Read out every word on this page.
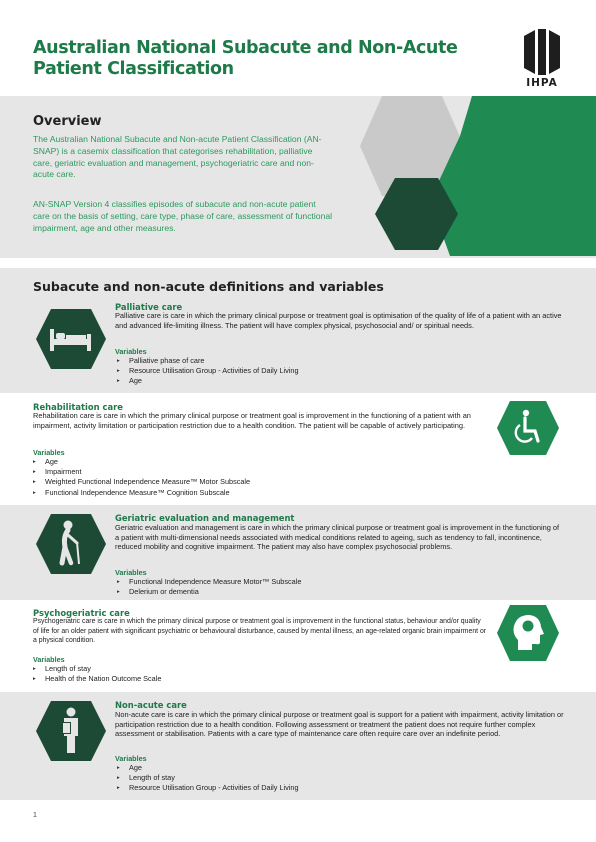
Australian National Subacute and Non-Acute Patient Classification
IHPA
Overview
The Australian National Subacute and Non-acute Patient Classification (AN-SNAP) is a casemix classification that categorises rehabilitation, palliative care, geriatric evaluation and management, psychogeriatric care and non-acute care.
AN-SNAP Version 4 classifies episodes of subacute and non-acute patient care on the basis of setting, care type, phase of care, assessment of functional impairment, age and other measures.
Subacute and non-acute definitions and variables
Palliative care
Palliative care is care in which the primary clinical purpose or treatment goal is optimisation of the quality of life of a patient with an active and advanced life-limiting illness. The patient will have complex physical, psychosocial and/ or spiritual needs.
Variables
▸ Palliative phase of care
▸ Resource Utilisation Group - Activities of Daily Living
▸ Age
Rehabilitation care
Rehabilitation care is care in which the primary clinical purpose or treatment goal is improvement in the functioning of a patient with an impairment, activity limitation or participation restriction due to a health condition. The patient will be capable of actively participating.
Variables
▸ Age
▸ Impairment
▸ Weighted Functional Independence Measure™ Motor Subscale
▸ Functional Independence Measure™ Cognition Subscale
Geriatric evaluation and management
Geriatric evaluation and management is care in which the primary clinical purpose or treatment goal is improvement in the functioning of a patient with multi-dimensional needs associated with medical conditions related to ageing, such as tendency to fall, incontinence, reduced mobility and cognitive impairment. The patient may also have complex psychosocial problems.
Variables
▸ Functional Independence Measure Motor™ Subscale
▸ Delerium or dementia
Psychogeriatric care
Psychogeriatric care is care in which the primary clinical purpose or treatment goal is improvement in the functional status, behaviour and/or quality of life for an older patient with significant psychiatric or behavioural disturbance, caused by mental illness, an age-related organic brain impairment or a physical condition.
Variables
▸ Length of stay
▸ Health of the Nation Outcome Scale
Non-acute care
Non-acute care is care in which the primary clinical purpose or treatment goal is support for a patient with impairment, activity limitation or participation restriction due to a health condition. Following assessment or treatment the patient does not require further complex assessment or stabilisation. Patients with a care type of maintenance care often require care over an indefinite period.
Variables
▸ Age
▸ Length of stay
▸ Resource Utilisation Group - Activities of Daily Living
1
